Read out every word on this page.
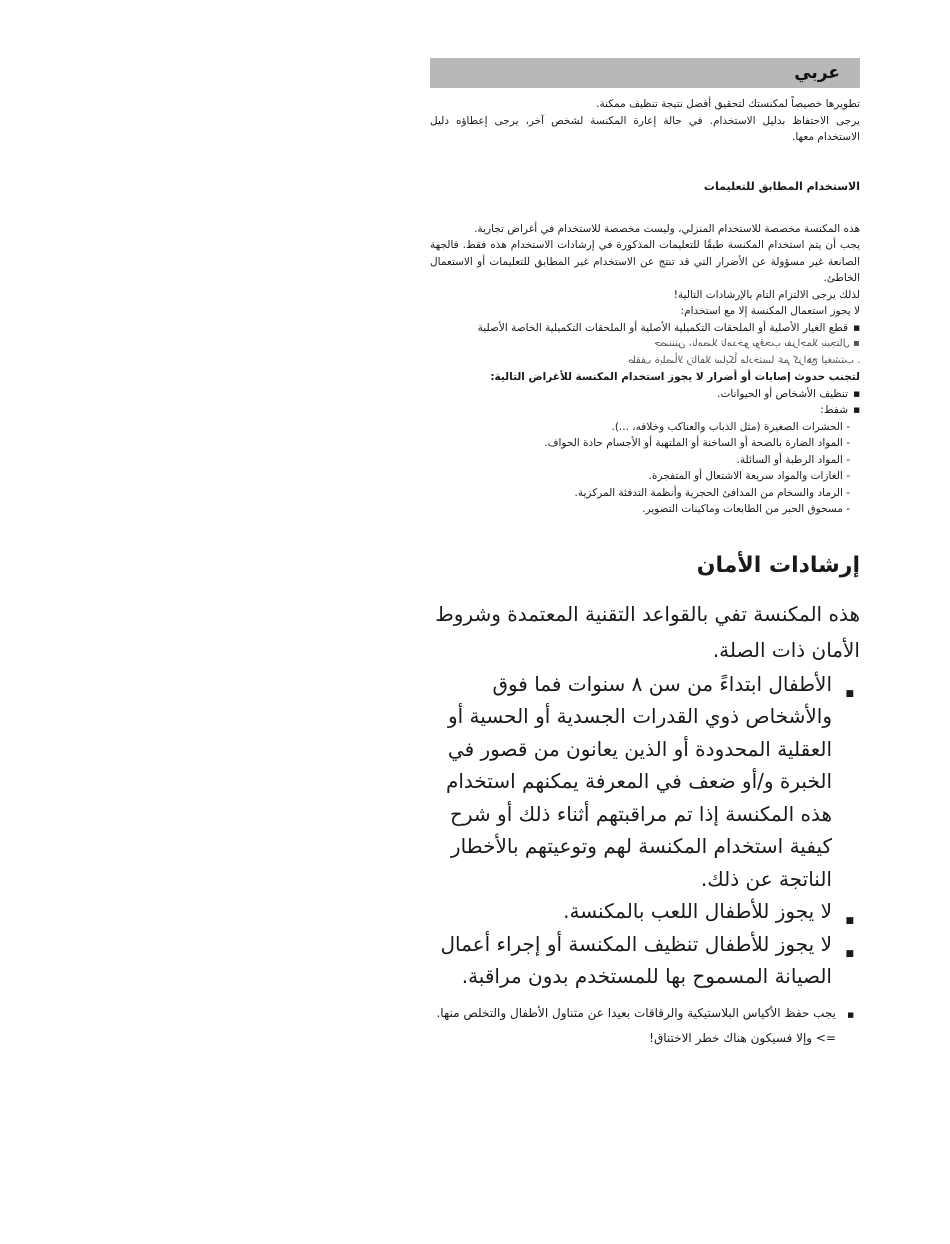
عربي
تطويرها خصيصاً لمكنستك لتحقيق أفضل نتيجة تنظيف ممكنة.
يرجى الاحتفاظ بدليل الاستخدام. في حالة إعارة المكنسة لشخص آخر، يرجى إعطاؤه دليل الاستخدام معها.
الاستخدام المطابق للتعليمات
هذه المكنسة مخصصة للاستخدام المنزلي، وليست مخصصة للاستخدام في أغراض تجارية.
يجب أن يتم استخدام المكنسة طبقًا للتعليمات المذكورة في إرشادات الاستخدام هذه فقط. فالجهة الصانعة غير مسؤولة عن الأضرار التي قد تنتج عن الاستخدام غير المطابق للتعليمات أو الاستعمال الخاطئ.
لذلك يرجى الالتزام التام بالإرشادات التالية!
لا يجوز استعمال المكنسة إلا مع استخدام:
■ قطع الغيار الأصلية أو الملحقات التكميلية الأصلية أو الملحقات التكميلية الخاصة الأصلية
▪ جصنننن ،نامضلا تامدخو ىوقحب ىفزاجملا بنبجتال
. طقف ةيلصألا رتالفلا سايكأ مادختسا عم كزاهج ليغشتب
لتجنب حدوث إصابات أو أضرار لا يجوز استخدام المكنسة للأغراض التالية:
■ تنظيف الأشخاص أو الحيوانات.
■ شفط:
- الحشرات الصغيرة (مثل الذباب والعناكب وخلافه، ...).
- المواد الضارة بالصحة أو الساخنة أو الملتهبة أو الأجسام حادة الحواف.
- المواد الرطبة أو السائلة.
- الغازات والمواد سريعة الاشتعال أو المتفجرة.
- الرماد والسخام من المدافئ الحجرية وأنظمة التدفئة المركزية.
- مسحوق الحبر من الطابعات وماكينات التصوير.
إرشادات الأمان
هذه المكنسة تفي بالقواعد التقنية المعتمدة وشروط الأمان ذات الصلة.
■ الأطفال ابتداءً من سن ٨ سنوات فما فوق والأشخاص ذوي القدرات الجسدية أو الحسية أو العقلية المحدودة أو الذين يعانون من قصور في الخبرة و/أو ضعف في المعرفة يمكنهم استخدام هذه المكنسة إذا تم مراقبتهم أثناء ذلك أو شرح كيفية استخدام المكنسة لهم وتوعيتهم بالأخطار الناتجة عن ذلك.
■ لا يجوز للأطفال اللعب بالمكنسة.
■ لا يجوز للأطفال تنظيف المكنسة أو إجراء أعمال الصيانة المسموح بها للمستخدم بدون مراقبة.
■ يجب حفظ الأكياس البلاستيكية والرقاقات بعيدا عن متناول الأطفال والتخلص منها.
=> وإلا فسيكون هناك خطر الاختناق!
